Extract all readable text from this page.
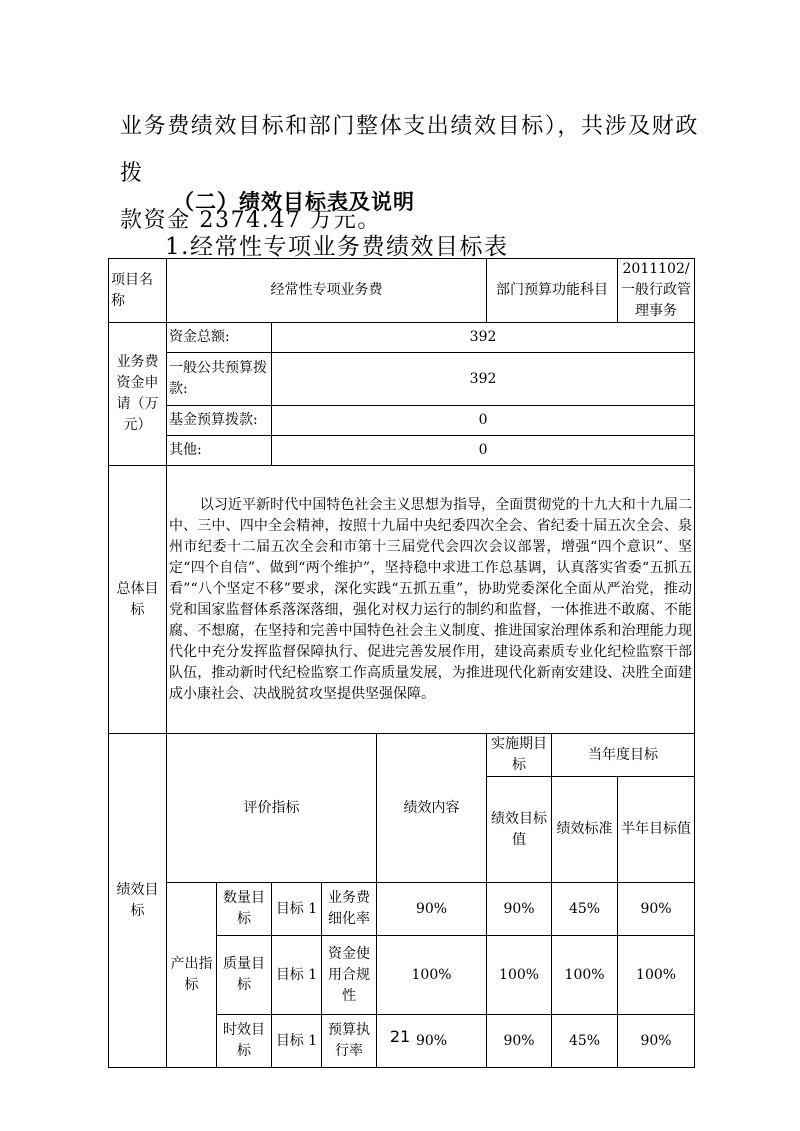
业务费绩效目标和部门整体支出绩效目标），共涉及财政拨
款资金 2374.47 万元。
（二）绩效目标表及说明
1.经常性专项业务费绩效目标表
项目名称	经常性专项业务费					部门预算功能科目		2011102/一般行政管理事务	
业务费资金申请（万元）	资金总额:		392						
	一般公共预算拨款:		392						
	基金预算拨款:		0						
	其他:		0						
总体目标	以习近平新时代中国特色社会主义思想为指导，全面贯彻党的十九大和十九届二中、三中、四中全会精神，按照十九届中央纪委四次全会、省纪委十届五次全会、泉州市纪委十二届五次全会和市第十三届党代会四次会议部署，增强“四个意识”、坚定“四个自信”、做到“两个维护”，坚持稳中求进工作总基调，认真落实省委“五抓五看”“八个坚定不移”要求，深化实践“五抓五重”，协助党委深化全面从严治党，推动党和国家监督体系落深落细，强化对权力运行的制约和监督，一体推进不敢腐、不能腐、不想腐，在坚持和完善中国特色社会主义制度、推进国家治理体系和治理能力现代化中充分发挥监督保障执行、促进完善发展作用，建设高素质专业化纪检监察干部队伍，推动新时代纪检监察工作高质量发展，为推进现代化新南安建设、决胜全面建成小康社会、决战脱贫攻坚提供坚强保障。								
绩效目标	评价指标				绩效内容	实施期目标	当年度目标		
						绩效目标值	绩效标准	半年目标值	
	产出指标	数量目标	目标 1	业务费细化率	90%	90%	45%	90%	
		质量目标	目标 1	资金使用合规性	100%	100%	100%	100%	
		时效目标	目标 1	预算执行率	90%	90%	45%	90%	
21
